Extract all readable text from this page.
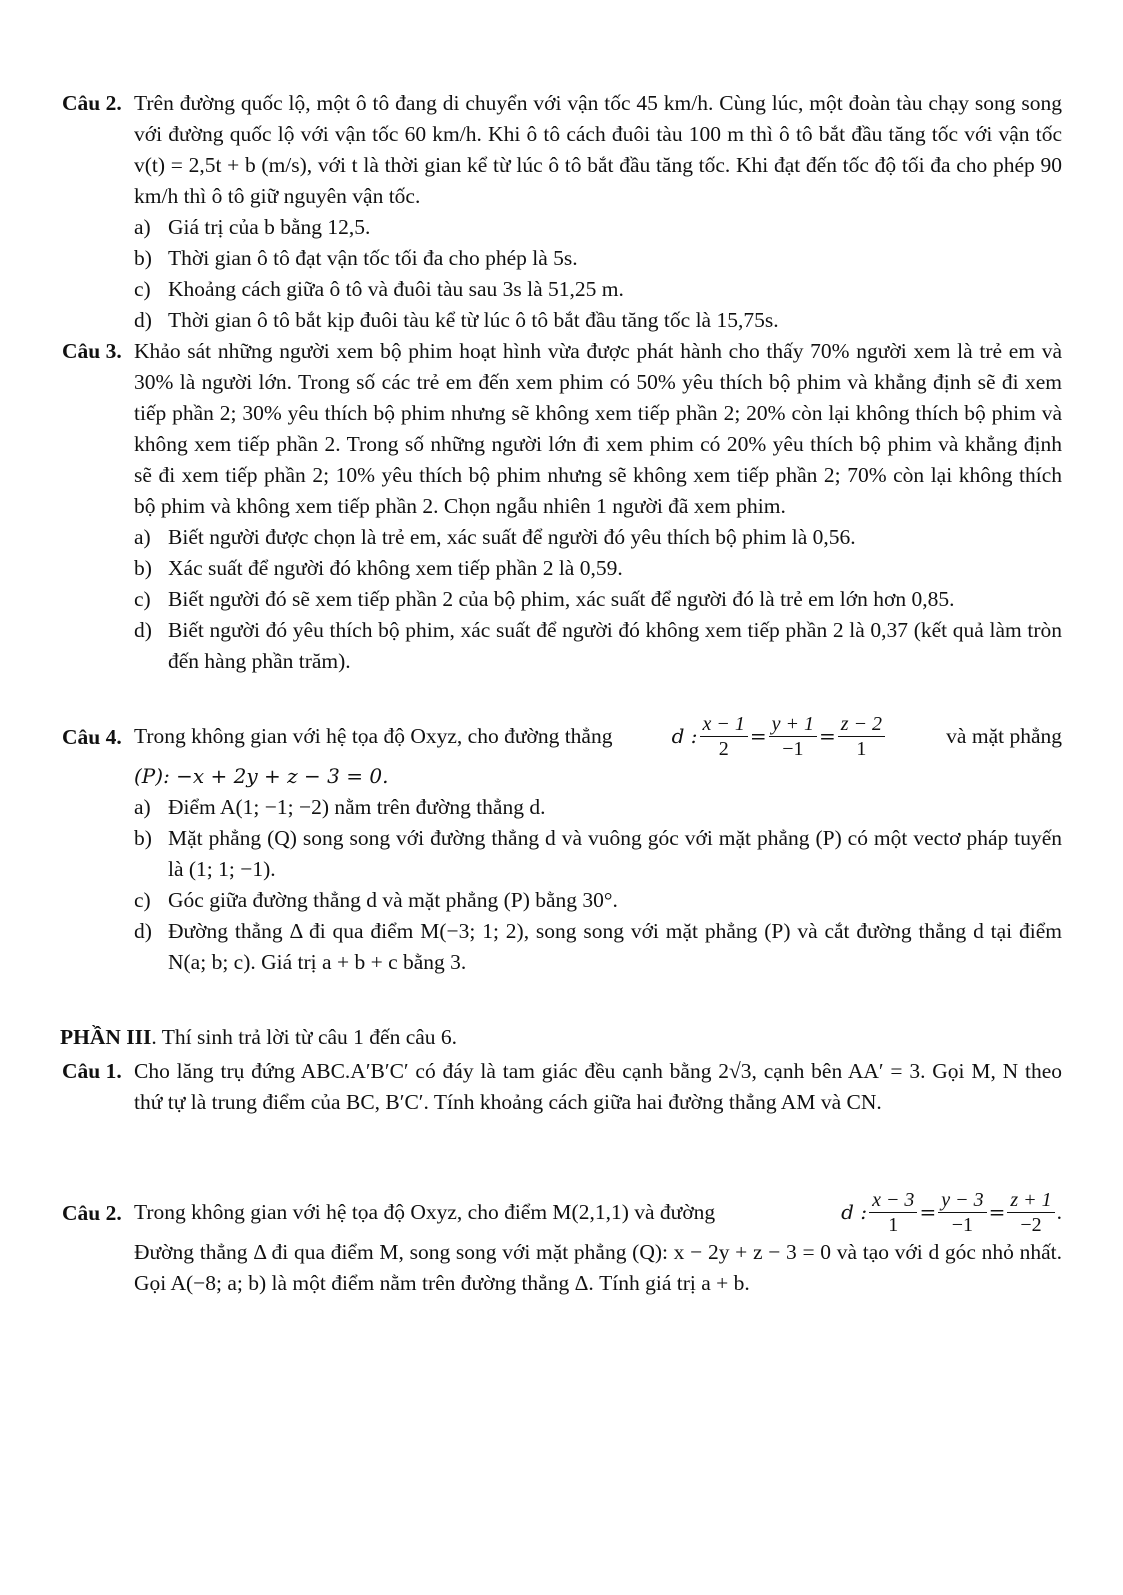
Câu 2. Trên đường quốc lộ, một ô tô đang di chuyển với vận tốc 45 km/h. Cùng lúc, một đoàn tàu chạy song song với đường quốc lộ với vận tốc 60 km/h. Khi ô tô cách đuôi tàu 100 m thì ô tô bắt đầu tăng tốc với vận tốc v(t) = 2,5t + b (m/s), với t là thời gian kể từ lúc ô tô bắt đầu tăng tốc. Khi đạt đến tốc độ tối đa cho phép 90 km/h thì ô tô giữ nguyên vận tốc.
a) Giá trị của b bằng 12,5.
b) Thời gian ô tô đạt vận tốc tối đa cho phép là 5s.
c) Khoảng cách giữa ô tô và đuôi tàu sau 3s là 51,25 m.
d) Thời gian ô tô bắt kịp đuôi tàu kể từ lúc ô tô bắt đầu tăng tốc là 15,75s.
Câu 3. Khảo sát những người xem bộ phim hoạt hình vừa được phát hành cho thấy 70% người xem là trẻ em và 30% là người lớn. Trong số các trẻ em đến xem phim có 50% yêu thích bộ phim và khẳng định sẽ đi xem tiếp phần 2; 30% yêu thích bộ phim nhưng sẽ không xem tiếp phần 2; 20% còn lại không thích bộ phim và không xem tiếp phần 2. Trong số những người lớn đi xem phim có 20% yêu thích bộ phim và khẳng định sẽ đi xem tiếp phần 2; 10% yêu thích bộ phim nhưng sẽ không xem tiếp phần 2; 70% còn lại không thích bộ phim và không xem tiếp phần 2. Chọn ngẫu nhiên 1 người đã xem phim.
a) Biết người được chọn là trẻ em, xác suất để người đó yêu thích bộ phim là 0,56.
b) Xác suất để người đó không xem tiếp phần 2 là 0,59.
c) Biết người đó sẽ xem tiếp phần 2 của bộ phim, xác suất để người đó là trẻ em lớn hơn 0,85.
d) Biết người đó yêu thích bộ phim, xác suất để người đó không xem tiếp phần 2 là 0,37 (kết quả làm tròn đến hàng phần trăm).
Câu 4. Trong không gian với hệ tọa độ Oxyz, cho đường thẳng	d : $\frac{x - 1}{2} = \frac{y + 1}{-1} = \frac{z - 2}{1}$	và mặt phẳng
(P): −x + 2y + z − 3 = 0.
a) Điểm A(1; −1; −2) nằm trên đường thẳng d.
b) Mặt phẳng (Q) song song với đường thẳng d và vuông góc với mặt phẳng (P) có một vectơ pháp tuyến là (1; 1; −1).
c) Góc giữa đường thẳng d và mặt phẳng (P) bằng 30°.
d) Đường thẳng Δ đi qua điểm M(−3; 1; 2), song song với mặt phẳng (P) và cắt đường thẳng d tại điểm N(a; b; c). Giá trị a + b + c bằng 3.
PHẦN III. Thí sinh trả lời từ câu 1 đến câu 6.
Câu 1. Cho lăng trụ đứng ABC.A′B′C′ có đáy là tam giác đều cạnh bằng 2√3, cạnh bên AA′ = 3. Gọi M, N theo thứ tự là trung điểm của BC, B′C′. Tính khoảng cách giữa hai đường thẳng AM và CN.
Câu 2. Trong không gian với hệ tọa độ Oxyz, cho điểm M(2,1,1) và đường	d : $\frac{x - 3}{1} = \frac{y - 3}{-1} = \frac{z + 1}{-2}$ .
Đường thẳng Δ đi qua điểm M, song song với mặt phẳng (Q): x − 2y + z − 3 = 0 và tạo với d góc nhỏ nhất. Gọi A(−8; a; b) là một điểm nằm trên đường thẳng Δ. Tính giá trị a + b.
